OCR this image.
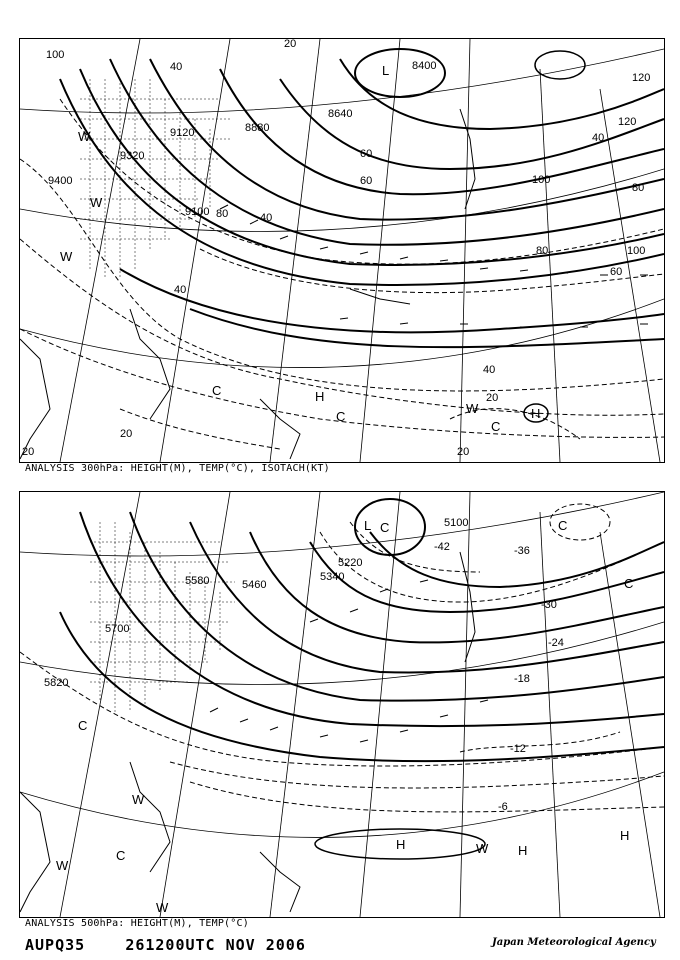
9120
9320
9400
9100
8880
8640
8400
100
40
40
20
20
40
60
60
80
100
120
40
80
100
120
80
60
40
20
20
20
L
W
W
W
C	H
C
W
C
H
ANALYSIS 300hPa: HEIGHT(M), TEMP(°C), ISOTACH(KT)
5700
5580	5460
5340
5220
5100
5820
-42	-36
-30
-24
-18
-12
-6
L C	C
C
C
W
W
C
W
H	W H
H
ANALYSIS 500hPa: HEIGHT(M), TEMP(°C)
AUPQ35	261200UTC NOV 2006	Japan Meteorological Agency
